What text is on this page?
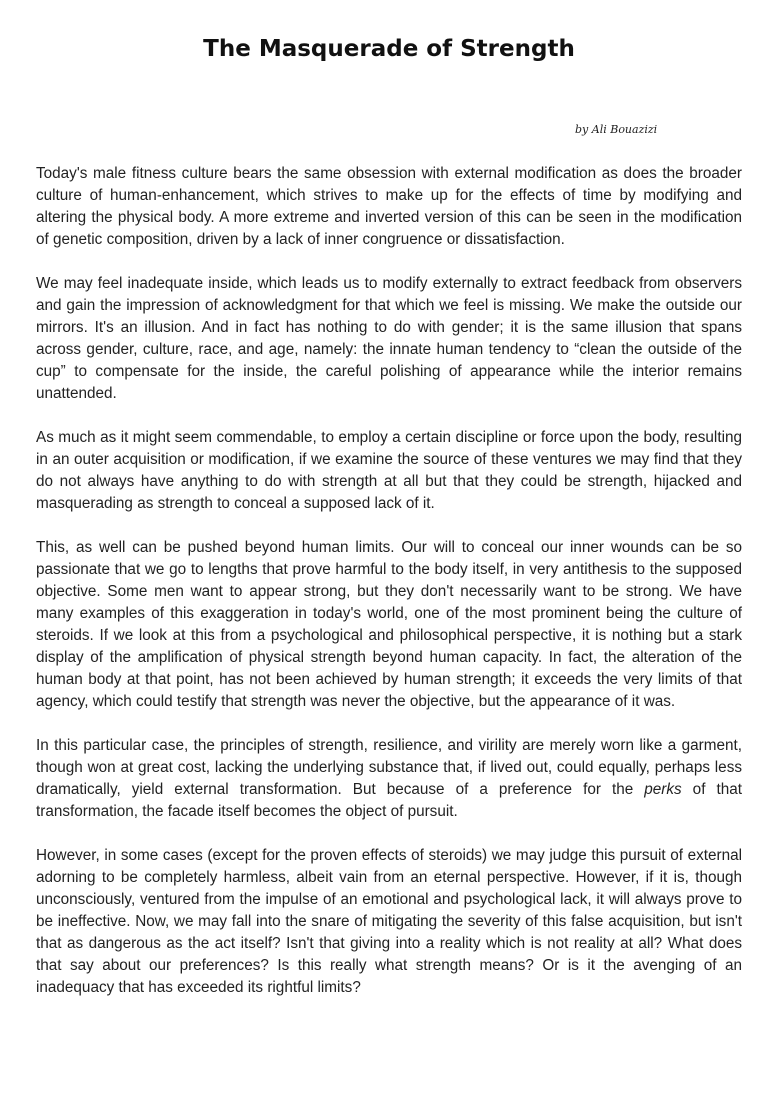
The Masquerade of Strength

by Ali Bouazizi

Today's male fitness culture bears the same obsession with external modification as does the broader culture of human-enhancement, which strives to make up for the effects of time by modifying and altering the physical body. A more extreme and inverted version of this can be seen in the modification of genetic composition, driven by a lack of inner congruence or dissatisfaction.

We may feel inadequate inside, which leads us to modify externally to extract feedback from observers and gain the impression of acknowledgment for that which we feel is missing. We make the outside our mirrors. It's an illusion. And in fact has nothing to do with gender; it is the same illusion that spans across gender, culture, race, and age, namely: the innate human tendency to “clean the outside of the cup” to compensate for the inside, the careful polishing of appearance while the interior remains unattended.

As much as it might seem commendable, to employ a certain discipline or force upon the body, resulting in an outer acquisition or modification, if we examine the source of these ventures we may find that they do not always have anything to do with strength at all but that they could be strength, hijacked and masquerading as strength to conceal a supposed lack of it.

This, as well can be pushed beyond human limits. Our will to conceal our inner wounds can be so passionate that we go to lengths that prove harmful to the body itself, in very antithesis to the supposed objective. Some men want to appear strong, but they don't necessarily want to be strong. We have many examples of this exaggeration in today's world, one of the most prominent being the culture of steroids. If we look at this from a psychological and philosophical perspective, it is nothing but a stark display of the amplification of physical strength beyond human capacity. In fact, the alteration of the human body at that point, has not been achieved by human strength; it exceeds the very limits of that agency, which could testify that strength was never the objective, but the appearance of it was.

In this particular case, the principles of strength, resilience, and virility are merely worn like a garment, though won at great cost, lacking the underlying substance that, if lived out, could equally, perhaps less dramatically, yield external transformation. But because of a preference for the perks of that transformation, the facade itself becomes the object of pursuit.

However, in some cases (except for the proven effects of steroids) we may judge this pursuit of external adorning to be completely harmless, albeit vain from an eternal perspective. However, if it is, though unconsciously, ventured from the impulse of an emotional and psychological lack, it will always prove to be ineffective. Now, we may fall into the snare of mitigating the severity of this false acquisition, but isn't that as dangerous as the act itself? Isn't that giving into a reality which is not reality at all? What does that say about our preferences? Is this really what strength means? Or is it the avenging of an inadequacy that has exceeded its rightful limits?
